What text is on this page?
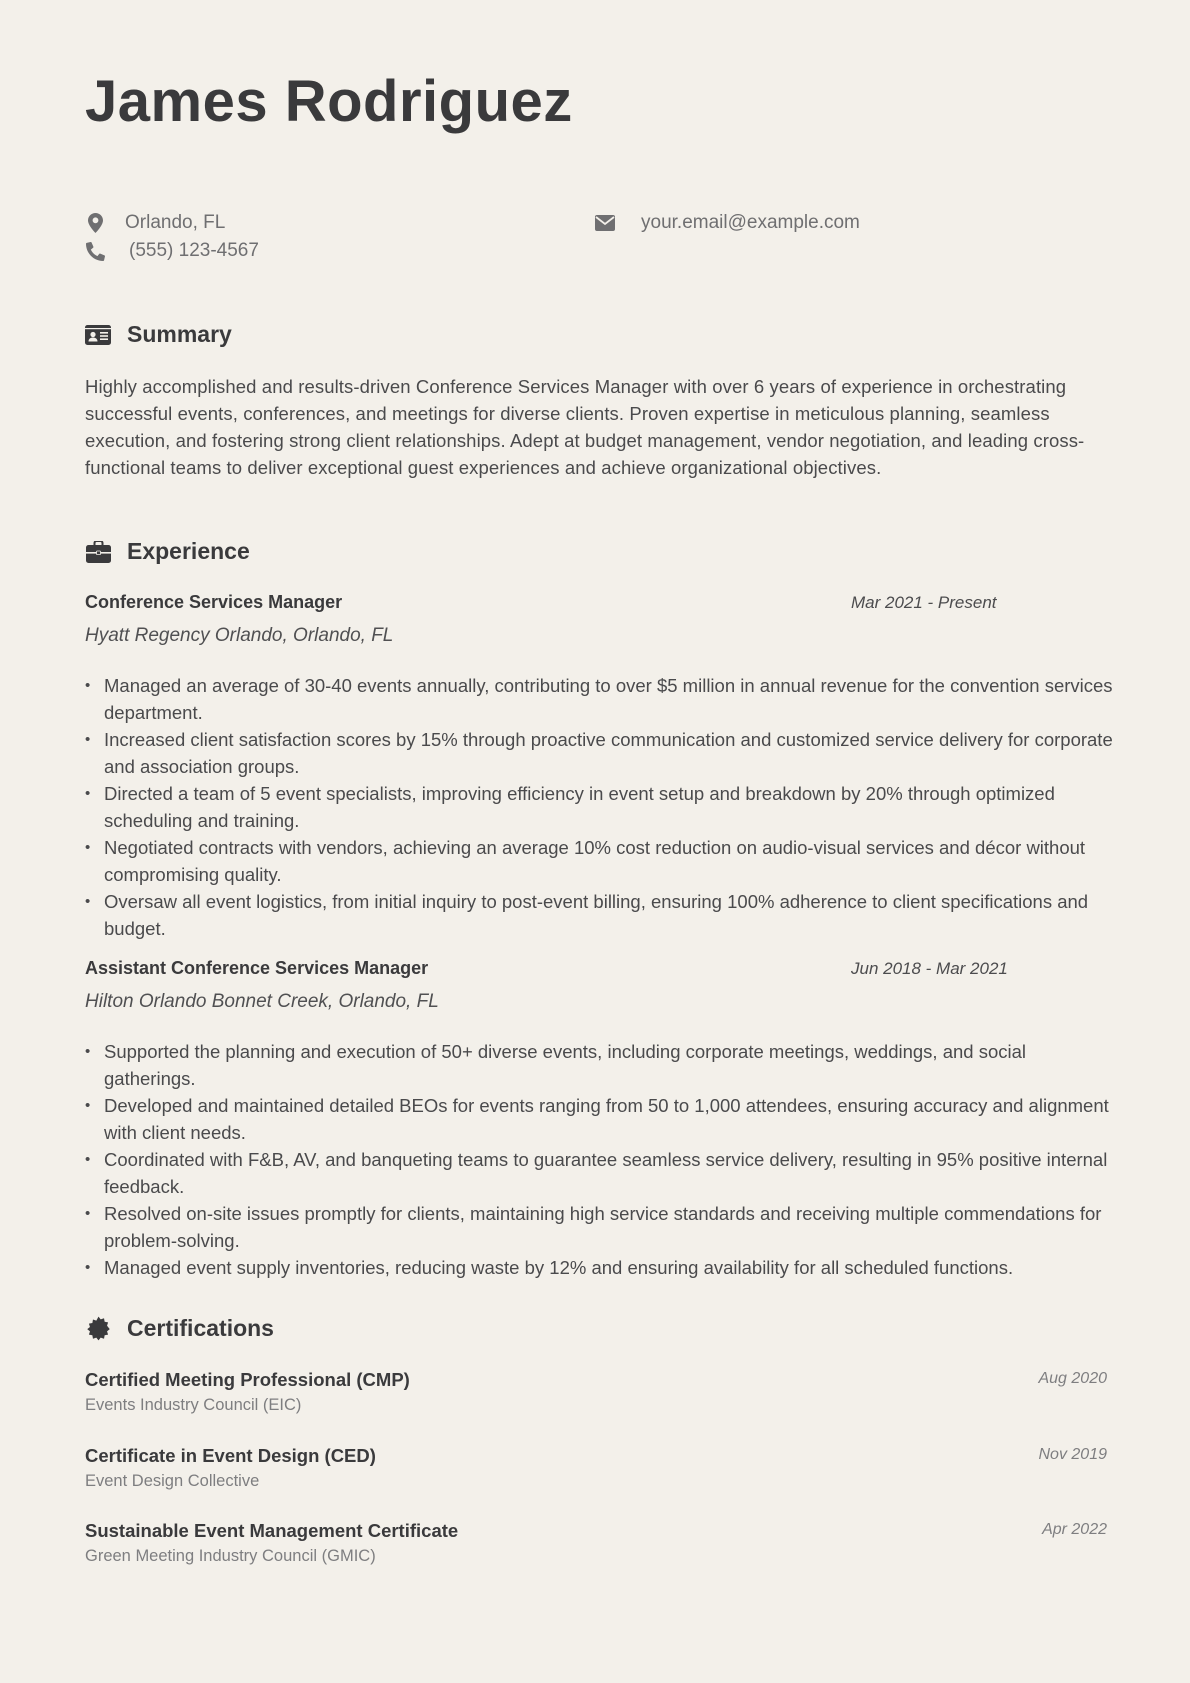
James Rodriguez
Orlando, FL
(555) 123-4567
your.email@example.com
Summary

Highly accomplished and results-driven Conference Services Manager with over 6 years of experience in orchestrating successful events, conferences, and meetings for diverse clients. Proven expertise in meticulous planning, seamless execution, and fostering strong client relationships. Adept at budget management, vendor negotiation, and leading cross-functional teams to deliver exceptional guest experiences and achieve organizational objectives.

Experience
Conference Services Manager	Mar 2021 - Present
Hyatt Regency Orlando, Orlando, FL
• Managed an average of 30-40 events annually, contributing to over $5 million in annual revenue for the convention services department.
• Increased client satisfaction scores by 15% through proactive communication and customized service delivery for corporate and association groups.
• Directed a team of 5 event specialists, improving efficiency in event setup and breakdown by 20% through optimized scheduling and training.
• Negotiated contracts with vendors, achieving an average 10% cost reduction on audio-visual services and décor without compromising quality.
• Oversaw all event logistics, from initial inquiry to post-event billing, ensuring 100% adherence to client specifications and budget.
Assistant Conference Services Manager	Jun 2018 - Mar 2021
Hilton Orlando Bonnet Creek, Orlando, FL
• Supported the planning and execution of 50+ diverse events, including corporate meetings, weddings, and social gatherings.
• Developed and maintained detailed BEOs for events ranging from 50 to 1,000 attendees, ensuring accuracy and alignment with client needs.
• Coordinated with F&B, AV, and banqueting teams to guarantee seamless service delivery, resulting in 95% positive internal feedback.
• Resolved on-site issues promptly for clients, maintaining high service standards and receiving multiple commendations for problem-solving.
• Managed event supply inventories, reducing waste by 12% and ensuring availability for all scheduled functions.
Certifications
Certified Meeting Professional (CMP)
Events Industry Council (EIC)
Aug 2020
Certificate in Event Design (CED)
Event Design Collective
Nov 2019
Sustainable Event Management Certificate
Green Meeting Industry Council (GMIC)
Apr 2022
